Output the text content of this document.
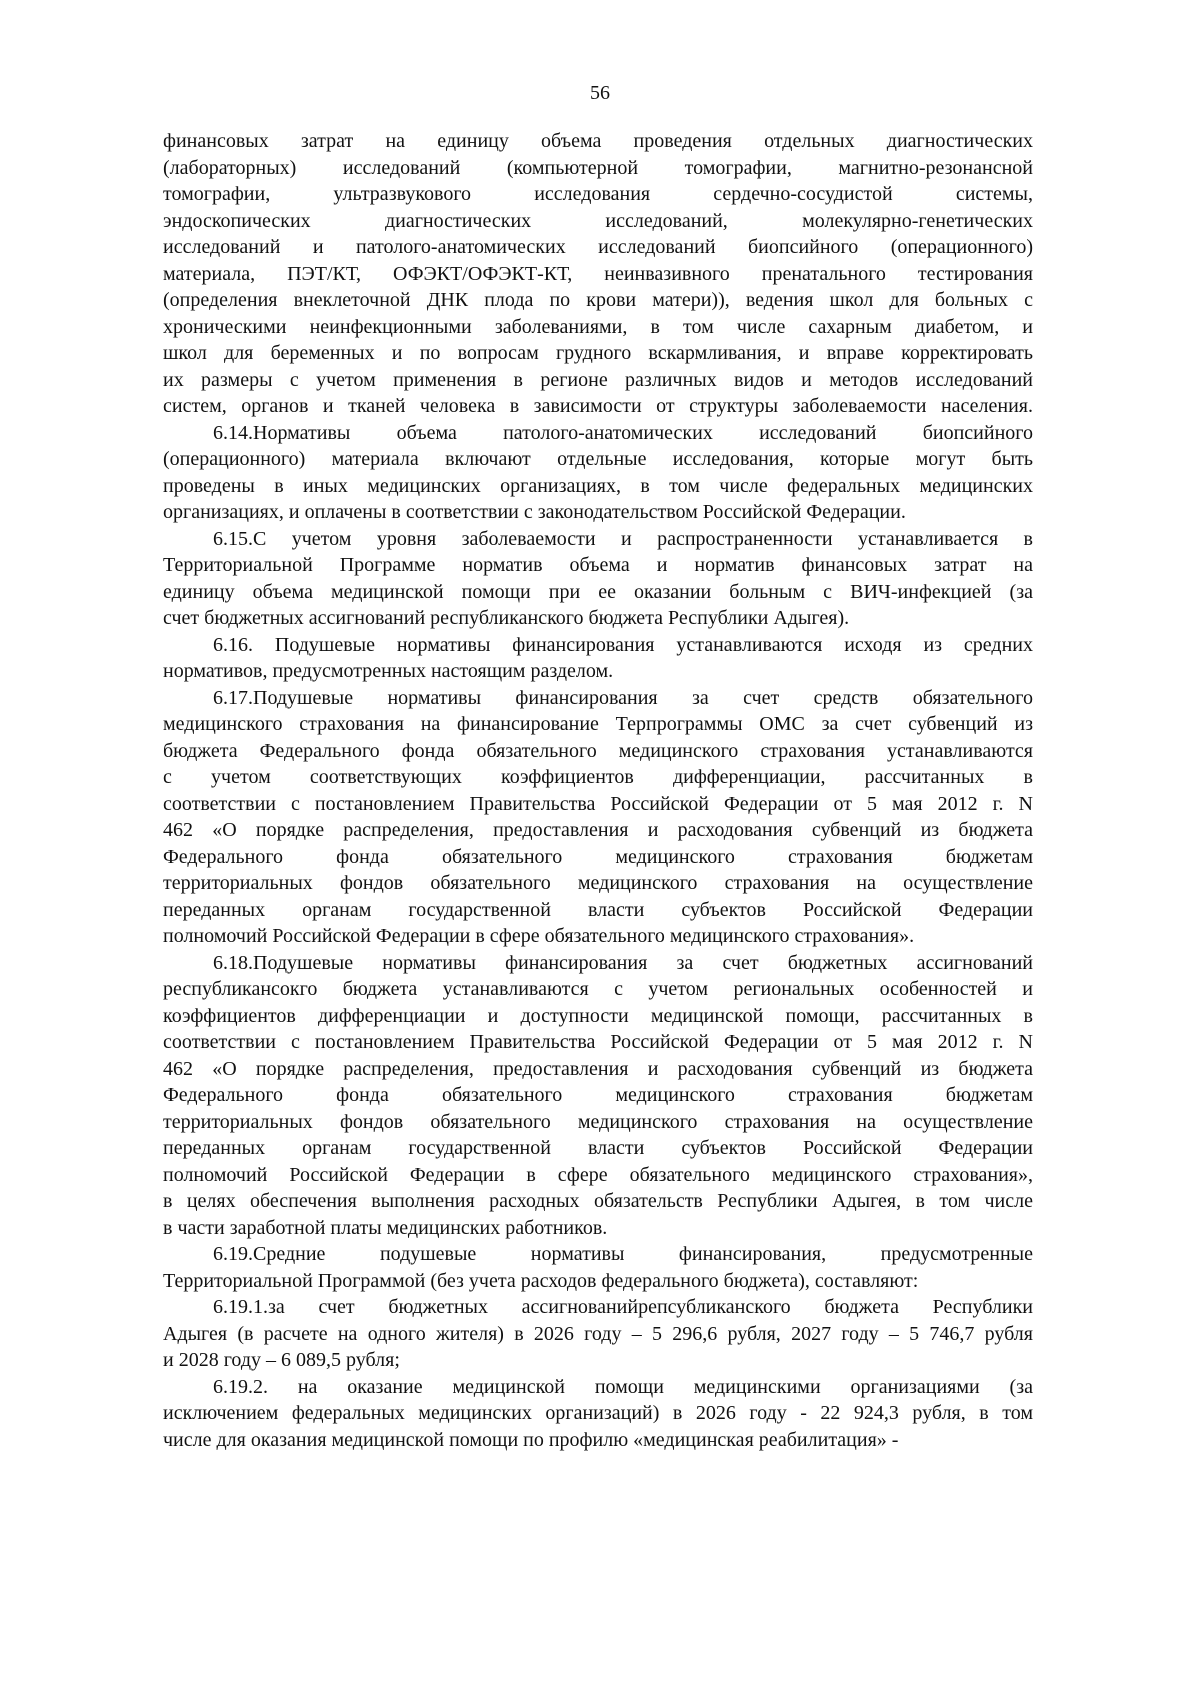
56
финансовых затрат на единицу объема проведения отдельных диагностических
(лабораторных) исследований (компьютерной томографии, магнитно-резонансной
томографии, ультразвукового исследования сердечно-сосудистой системы,
эндоскопических диагностических исследований, молекулярно-генетических
исследований и патолого-анатомических исследований биопсийного (операционного)
материала, ПЭТ/КТ, ОФЭКТ/ОФЭКТ-КТ, неинвазивного пренатального тестирования
(определения внеклеточной ДНК плода по крови матери)), ведения школ для больных с
хроническими неинфекционными заболеваниями, в том числе сахарным диабетом, и
школ для беременных и по вопросам грудного вскармливания, и вправе корректировать
их размеры с учетом применения в регионе различных видов и методов исследований
систем, органов и тканей человека в зависимости от структуры заболеваемости населения.
6.14.Нормативы объема патолого-анатомических исследований биопсийного
(операционного) материала включают отдельные исследования, которые могут быть
проведены в иных медицинских организациях, в том числе федеральных медицинских
организациях, и оплачены в соответствии с законодательством Российской Федерации.
6.15.С учетом уровня заболеваемости и распространенности устанавливается в
Территориальной Программе норматив объема и норматив финансовых затрат на
единицу объема медицинской помощи при ее оказании больным с ВИЧ-инфекцией (за
счет бюджетных ассигнований республиканского бюджета Республики Адыгея).
6.16. Подушевые нормативы финансирования устанавливаются исходя из средних
нормативов, предусмотренных настоящим разделом.
6.17.Подушевые нормативы финансирования за счет средств обязательного
медицинского страхования на финансирование Терпрограммы ОМС за счет субвенций из
бюджета Федерального фонда обязательного медицинского страхования устанавливаются
с учетом соответствующих коэффициентов дифференциации, рассчитанных в
соответствии с постановлением Правительства Российской Федерации от 5 мая 2012 г. N
462 «О порядке распределения, предоставления и расходования субвенций из бюджета
Федерального фонда обязательного медицинского страхования бюджетам
территориальных фондов обязательного медицинского страхования на осуществление
переданных органам государственной власти субъектов Российской Федерации
полномочий Российской Федерации в сфере обязательного медицинского страхования».
6.18.Подушевые нормативы финансирования за счет бюджетных ассигнований
республикансокго бюджета устанавливаются с учетом региональных особенностей и
коэффициентов дифференциации и доступности медицинской помощи, рассчитанных в
соответствии с постановлением Правительства Российской Федерации от 5 мая 2012 г. N
462 «О порядке распределения, предоставления и расходования субвенций из бюджета
Федерального фонда обязательного медицинского страхования бюджетам
территориальных фондов обязательного медицинского страхования на осуществление
переданных органам государственной власти субъектов Российской Федерации
полномочий Российской Федерации в сфере обязательного медицинского страхования»,
в целях обеспечения выполнения расходных обязательств Республики Адыгея, в том числе
в части заработной платы медицинских работников.
6.19.Средние подушевые нормативы финансирования, предусмотренные
Территориальной Программой (без учета расходов федерального бюджета), составляют:
6.19.1.за счет бюджетных ассигнованийрепсубликанского бюджета Республики
Адыгея (в расчете на одного жителя) в 2026 году – 5 296,6 рубля, 2027 году – 5 746,7 рубля
и 2028 году – 6 089,5 рубля;
6.19.2. на оказание медицинской помощи медицинскими организациями (за
исключением федеральных медицинских организаций) в 2026 году - 22 924,3 рубля, в том
числе для оказания медицинской помощи по профилю «медицинская реабилитация» -
